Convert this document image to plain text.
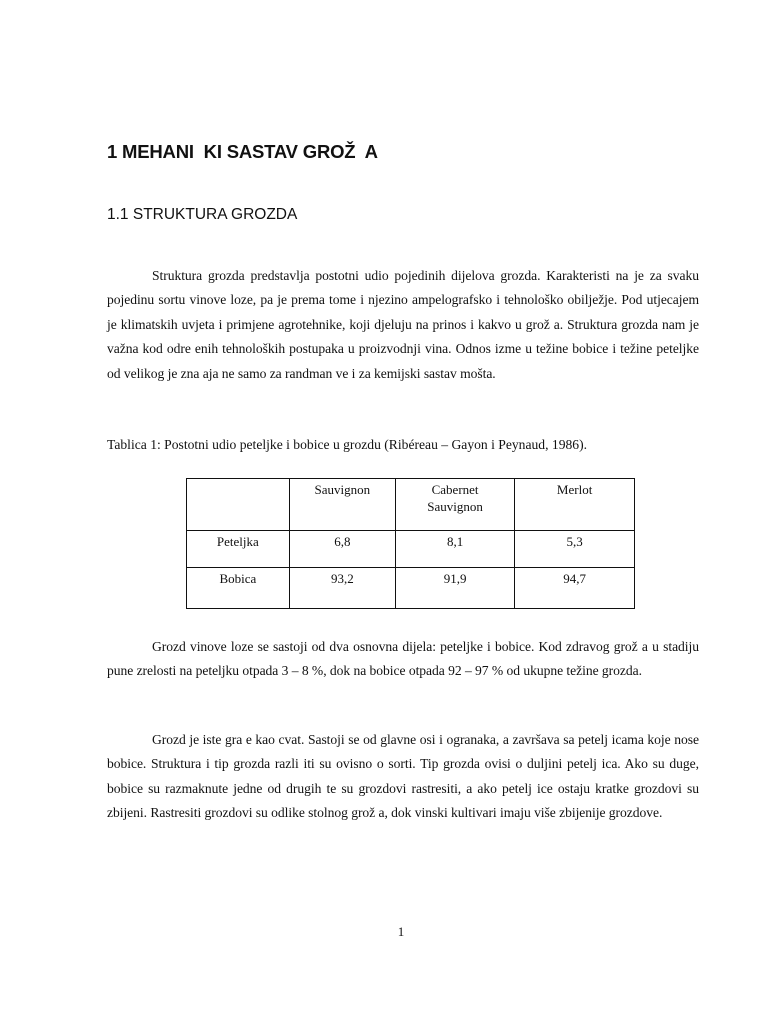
1 MEHANI  KI SASTAV GROŽ  A
1.1 STRUKTURA GROZDA

Struktura grozda predstavlja postotni udio pojedinih dijelova grozda. Karakteristi na je za svaku pojedinu sortu vinove loze, pa je prema tome i njezino ampelografsko i tehnološko obilježje. Pod utjecajem je klimatskih uvjeta i primjene agrotehnike, koji djeluju na prinos i kakvo u grož a. Struktura grozda nam je važna kod odre enih tehnoloških postupaka u proizvodnji vina. Odnos izme u težine bobice i težine peteljke od velikog je zna aja ne samo za randman ve i za kemijski sastav mošta.

Tablica 1: Postotni udio peteljke i bobice u grozdu (Ribéreau – Gayon i Peynaud, 1986).

	Sauvignon	Cabernet Sauvignon	Merlot
Peteljka	6,8	8,1	5,3
Bobica	93,2	91,9	94,7

Grozd vinove loze se sastoji od dva osnovna dijela: peteljke i bobice. Kod zdravog grož a u stadiju pune zrelosti na peteljku otpada 3 – 8 %, dok na bobice otpada 92 – 97 % od ukupne težine grozda.

Grozd je iste gra e kao cvat. Sastoji se od glavne osi i ogranaka, a završava sa petelj icama koje nose bobice. Struktura i tip grozda razli iti su ovisno o sorti. Tip grozda ovisi o duljini petelj ica. Ako su duge, bobice su razmaknute jedne od drugih te su grozdovi rastresiti, a ako petelj ice ostaju kratke grozdovi su zbijeni. Rastresiti grozdovi su odlike stolnog grož a, dok vinski kultivari imaju više zbijenije grozdove.

1
